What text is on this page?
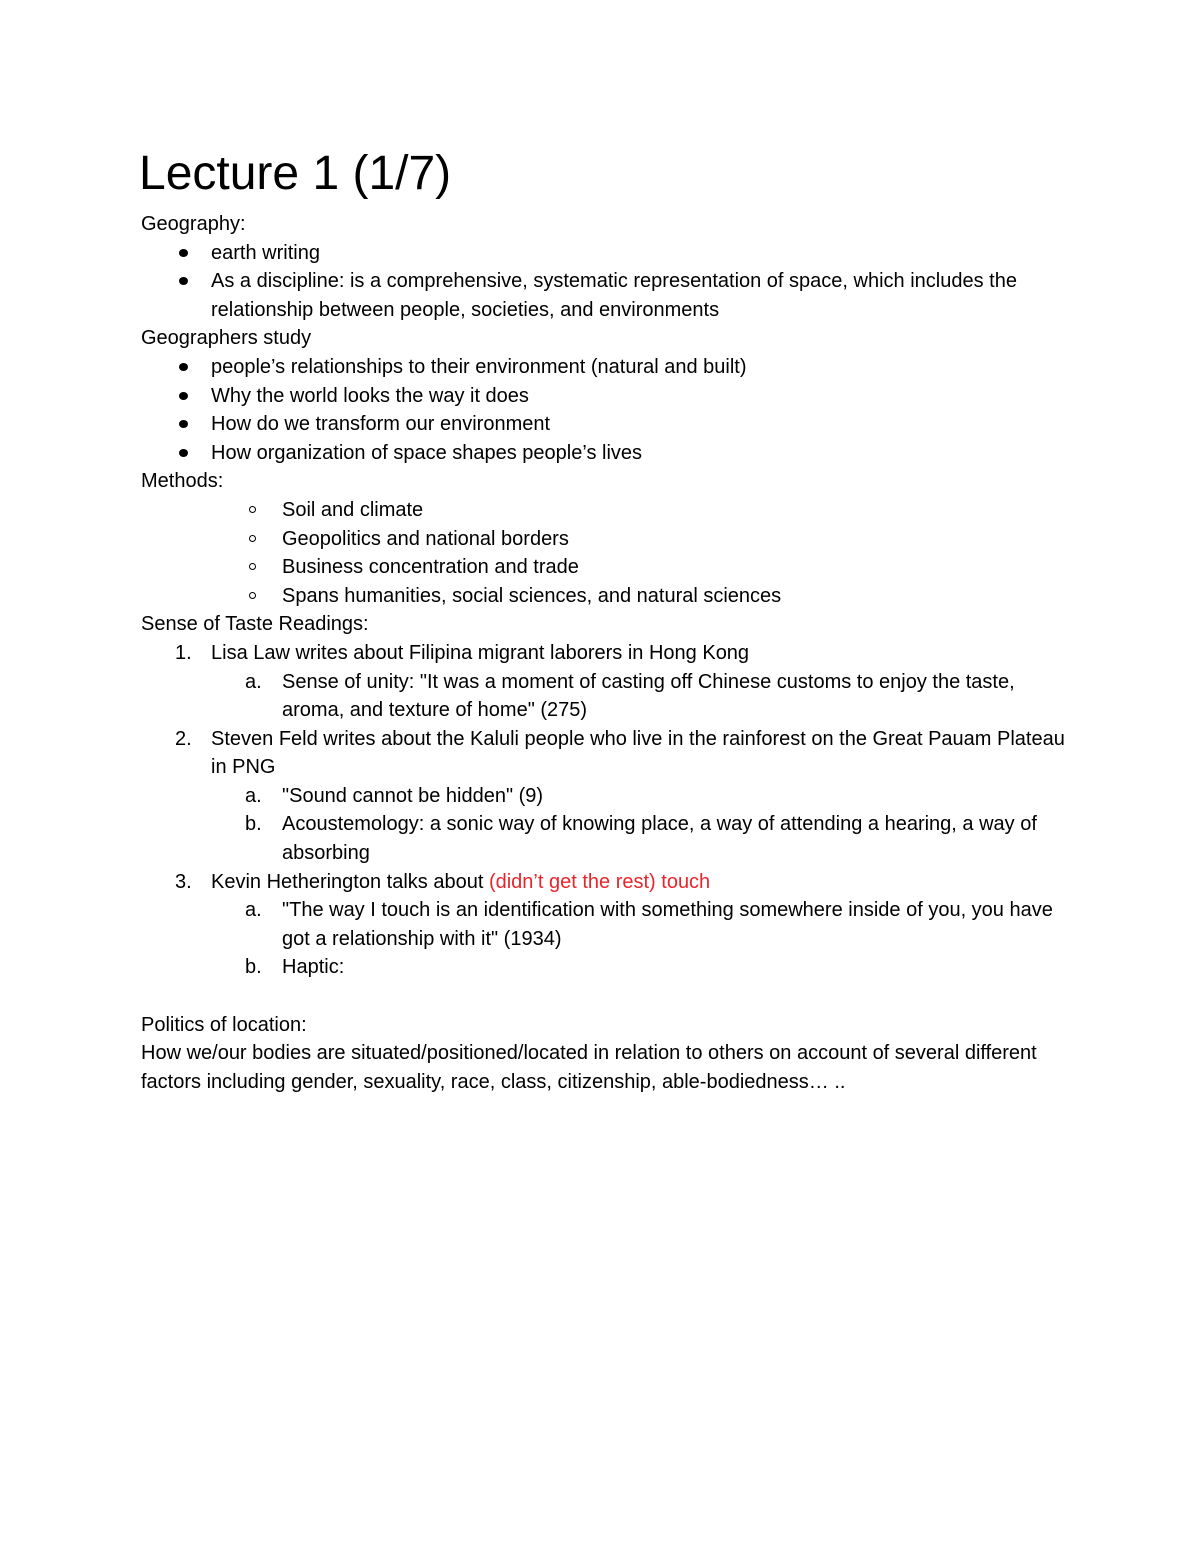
Lecture 1 (1/7)
Geography:
earth writing
As a discipline: is a comprehensive, systematic representation of space, which includes the relationship between people, societies, and environments
Geographers study
people’s relationships to their environment (natural and built)
Why the world looks the way it does
How do we transform our environment
How organization of space shapes people’s lives
Methods:
Soil and climate
Geopolitics and national borders
Business concentration and trade
Spans humanities, social sciences, and natural sciences
Sense of Taste Readings:
1. Lisa Law writes about Filipina migrant laborers in Hong Kong
a. Sense of unity: "It was a moment of casting off Chinese customs to enjoy the taste, aroma, and texture of home" (275)
2. Steven Feld writes about the Kaluli people who live in the rainforest on the Great Pauam Plateau in PNG
a. "Sound cannot be hidden" (9)
b. Acoustemology: a sonic way of knowing place, a way of attending a hearing, a way of absorbing
3. Kevin Hetherington talks about (didn’t get the rest) touch
a. "The way I touch is an identification with something somewhere inside of you, you have got a relationship with it" (1934)
b. Haptic:
Politics of location:
How we/our bodies are situated/positioned/located in relation to others on account of several different factors including gender, sexuality, race, class, citizenship, able-bodiedness… ..
